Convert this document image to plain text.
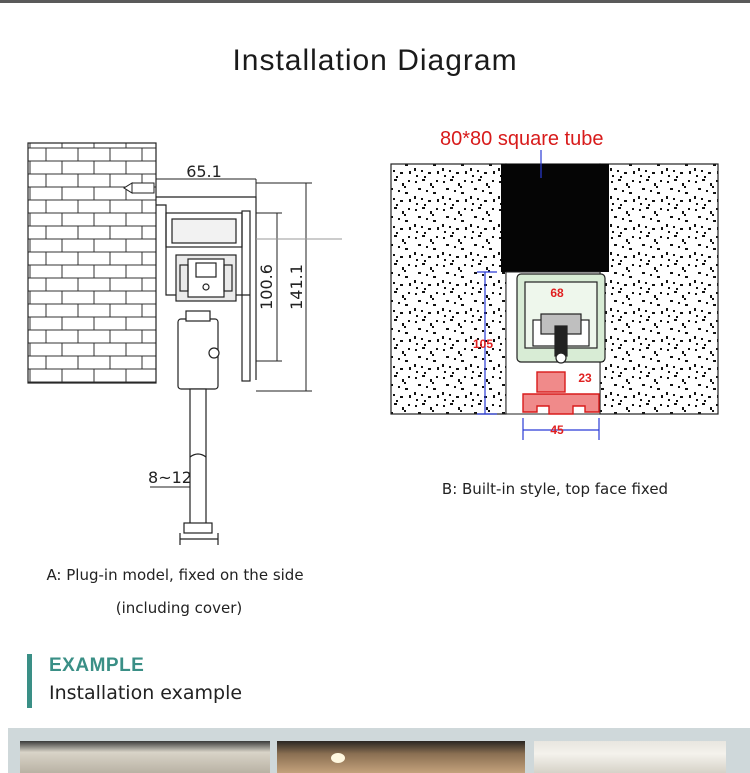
Installation Diagram
65.1
100.6 141.1
8~12
A: Plug-in model, fixed on the side
(including cover)
80*80 square tube
68
105
23
45
B: Built-in style, top face fixed
EXAMPLE
Installation example
